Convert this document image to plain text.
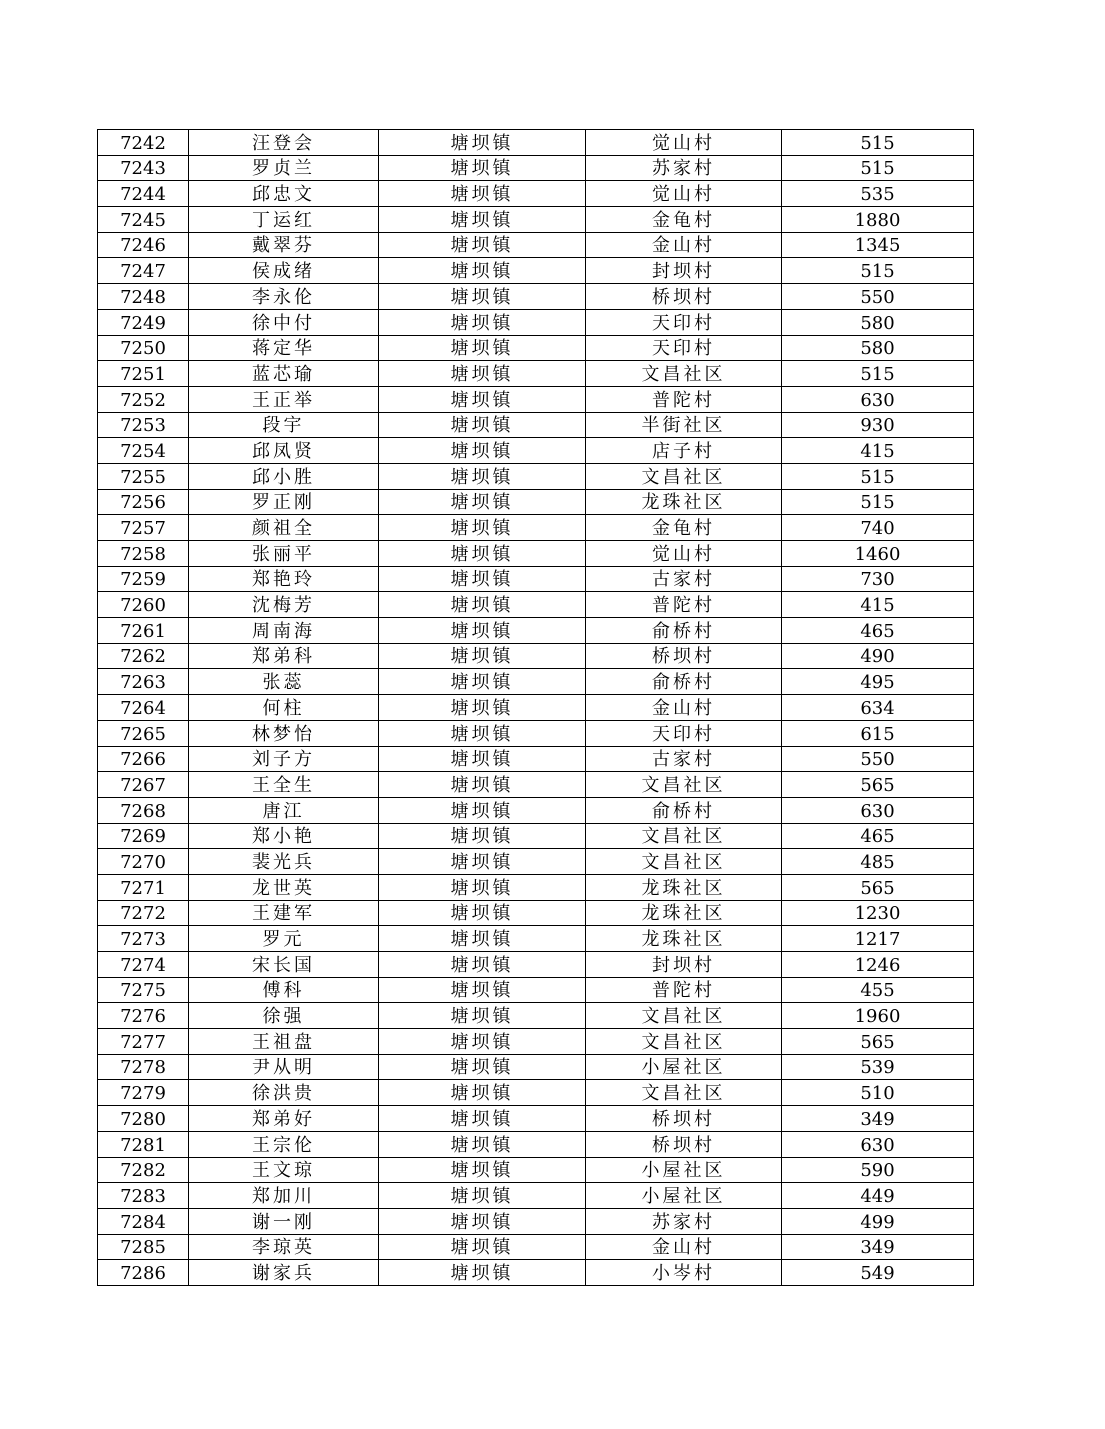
7242	汪登会	塘坝镇	觉山村	515
7243	罗贞兰	塘坝镇	苏家村	515
7244	邱忠文	塘坝镇	觉山村	535
7245	丁运红	塘坝镇	金龟村	1880
7246	戴翠芬	塘坝镇	金山村	1345
7247	侯成绪	塘坝镇	封坝村	515
7248	李永伦	塘坝镇	桥坝村	550
7249	徐中付	塘坝镇	天印村	580
7250	蒋定华	塘坝镇	天印村	580
7251	蓝芯瑜	塘坝镇	文昌社区	515
7252	王正举	塘坝镇	普陀村	630
7253	段宇	塘坝镇	半街社区	930
7254	邱凤贤	塘坝镇	店子村	415
7255	邱小胜	塘坝镇	文昌社区	515
7256	罗正刚	塘坝镇	龙珠社区	515
7257	颜祖全	塘坝镇	金龟村	740
7258	张丽平	塘坝镇	觉山村	1460
7259	郑艳玲	塘坝镇	古家村	730
7260	沈梅芳	塘坝镇	普陀村	415
7261	周南海	塘坝镇	俞桥村	465
7262	郑弟科	塘坝镇	桥坝村	490
7263	张蕊	塘坝镇	俞桥村	495
7264	何柱	塘坝镇	金山村	634
7265	林梦怡	塘坝镇	天印村	615
7266	刘子方	塘坝镇	古家村	550
7267	王全生	塘坝镇	文昌社区	565
7268	唐江	塘坝镇	俞桥村	630
7269	郑小艳	塘坝镇	文昌社区	465
7270	裴光兵	塘坝镇	文昌社区	485
7271	龙世英	塘坝镇	龙珠社区	565
7272	王建军	塘坝镇	龙珠社区	1230
7273	罗元	塘坝镇	龙珠社区	1217
7274	宋长国	塘坝镇	封坝村	1246
7275	傅科	塘坝镇	普陀村	455
7276	徐强	塘坝镇	文昌社区	1960
7277	王祖盘	塘坝镇	文昌社区	565
7278	尹从明	塘坝镇	小屋社区	539
7279	徐洪贵	塘坝镇	文昌社区	510
7280	郑弟好	塘坝镇	桥坝村	349
7281	王宗伦	塘坝镇	桥坝村	630
7282	王文琼	塘坝镇	小屋社区	590
7283	郑加川	塘坝镇	小屋社区	449
7284	谢一刚	塘坝镇	苏家村	499
7285	李琼英	塘坝镇	金山村	349
7286	谢家兵	塘坝镇	小岑村	549
